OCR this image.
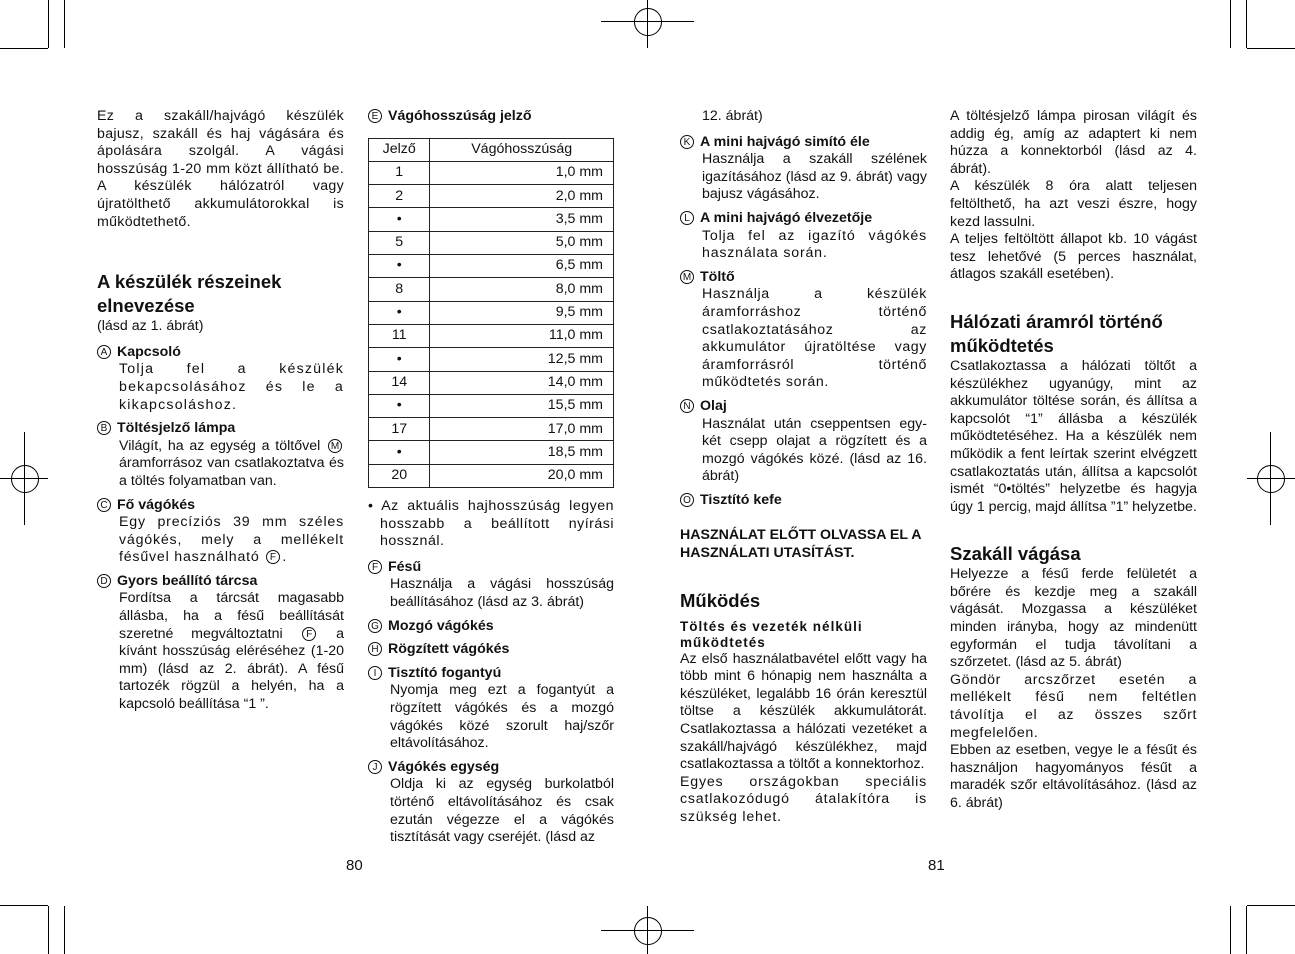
Ez a szakáll/hajvágó készülék bajusz, szakáll és haj vágására és ápolására szolgál. A vágási hosszúság 1-20 mm közt állítható be. A készülék hálózatról vagy újratölthető akkumulátorokkal is működtethető.

A készülék részeinek elnevezése

(lásd az 1. ábrát)

A Kapcsoló
Tolja fel a készülék bekapcsolásához és le a kikapcsoláshoz.
B Töltésjelző lámpa
Világít, ha az egység a töltővel M áramforrásoz van csatlakoztatva és a töltés folyamatban van.
C Fő vágókés
Egy precíziós 39 mm széles vágókés, mely a mellékelt fésűvel használható F .
D Gyors beállító tárcsa
Fordítsa a tárcsát magasabb állásba, ha a fésű beállítását szeretné megváltoztatni F a kívánt hosszúság eléréséhez (1-20 mm) (lásd az 2. ábrát). A fésű tartozék rögzül a helyén, ha a kapcsoló beállítása “1 ”.
E Vágóhosszúság jelző
Jelző	Vágóhosszúság
1	1,0 mm
2	2,0 mm
•	3,5 mm
5	5,0 mm
•	6,5 mm
8	8,0 mm
•	9,5 mm
11	11,0 mm
•	12,5 mm
14	14,0 mm
•	15,5 mm
17	17,0 mm
•	18,5 mm
20	20,0 mm

• Az aktuális hajhosszúság legyen hosszabb a beállított nyírási hossznál.

F Fésű
Használja a vágási hosszúság beállításához (lásd az 3. ábrát)
G Mozgó vágókés
H Rögzített vágókés
I Tisztító fogantyú
Nyomja meg ezt a fogantyút a rögzített vágókés és a mozgó vágókés közé szorult haj/szőr eltávolításához.
J Vágókés egység
Oldja ki az egység burkolatból történő eltávolításához és csak ezután végezze el a vágókés tisztítását vagy cseréjét. (lásd az
80

12. ábrát)

K A mini hajvágó simító éle
Használja a szakáll szélének igazításához (lásd az 9. ábrát) vagy bajusz vágásához.
L A mini hajvágó élvezetője
Tolja fel az igazító vágókés használata során.
M Töltő
Használja a készülék áramforráshoz történő csatlakoztatásához az akkumulátor újratöltése vagy áramforrásról történő működtetés során.
N Olaj
Használat után cseppentsen egy-két csepp olajat a rögzített és a mozgó vágókés közé. (lásd az 16. ábrát)
O Tisztító kefe

HASZNÁLAT ELŐTT OLVASSA EL A HASZNÁLATI UTASÍTÁST.

Működés

Töltés és vezeték nélküli működtetés

Az első használatbavétel előtt vagy ha több mint 6 hónapig nem használta a készüléket, legalább 16 órán keresztül töltse a készülék akkumulátorát. Csatlakoztassa a hálózati vezetéket a szakáll/hajvágó készülékhez, majd csatlakoztassa a töltőt a konnektorhoz.

Egyes országokban speciális csatlakozódugó átalakítóra is szükség lehet.

A töltésjelző lámpa pirosan világít és addig ég, amíg az adaptert ki nem húzza a konnektorból (lásd az 4. ábrát).

A készülék 8 óra alatt teljesen feltölthető, ha azt veszi észre, hogy kezd lassulni.

A teljes feltöltött állapot kb. 10 vágást tesz lehetővé (5 perces használat, átlagos szakáll esetében).

Hálózati áramról történő működtetés

Csatlakoztassa a hálózati töltőt a készülékhez ugyanúgy, mint az akkumulátor töltése során, és állítsa a kapcsolót “1” állásba a készülék működtetéséhez. Ha a készülék nem működik a fent leírtak szerint elvégzett csatlakoztatás után, állítsa a kapcsolót ismét “0•töltés” helyzetbe és hagyja úgy 1 percig, majd állítsa ”1” helyzetbe.

Szakáll vágása

Helyezze a fésű ferde felületét a bőrére és kezdje meg a szakáll vágását. Mozgassa a készüléket minden irányba, hogy az mindenütt egyformán el tudja távolítani a szőrzetet. (lásd az 5. ábrát)

Göndör arcszőrzet esetén a mellékelt fésű nem feltétlen távolítja el az összes szőrt megfelelően.

Ebben az esetben, vegye le a fésűt és használjon hagyományos fésűt a maradék szőr eltávolításához. (lásd az 6. ábrát)

81
